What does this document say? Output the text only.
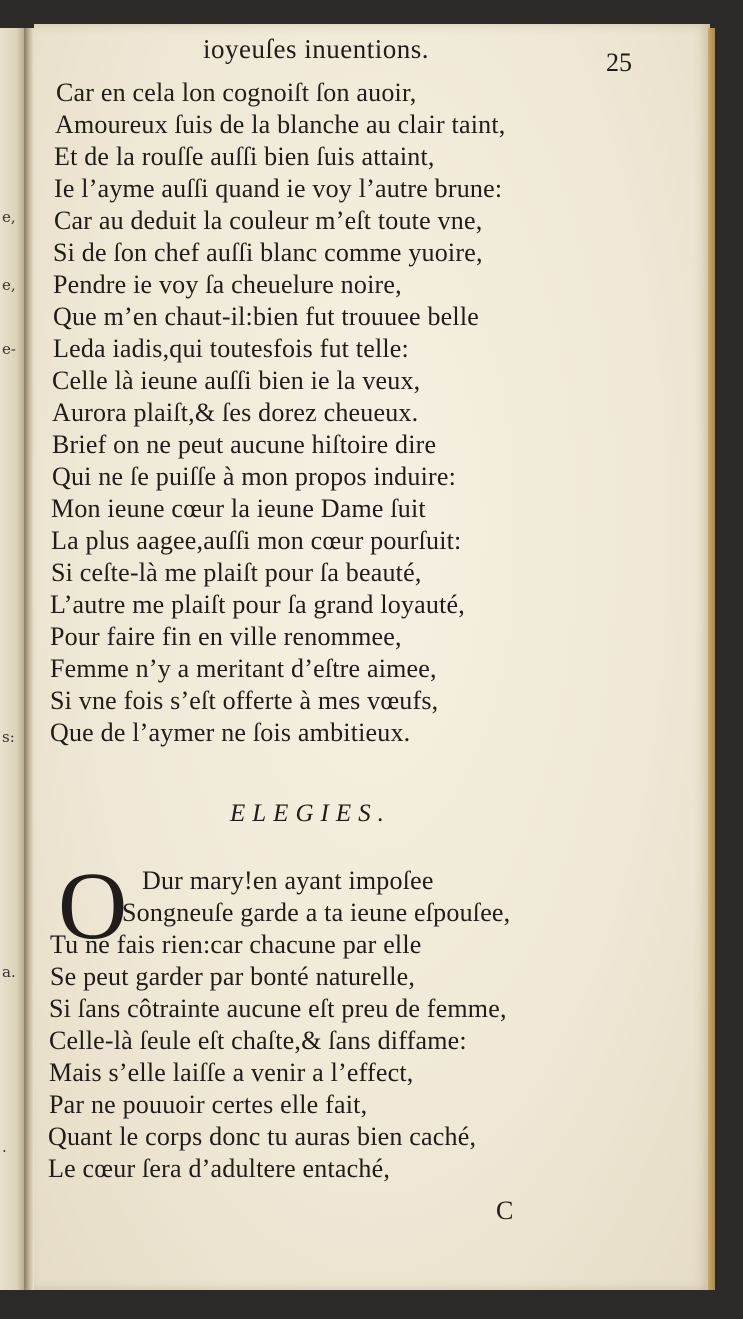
e,
e,
e-
s:
a.
.
ioyeuſes inuentions.	25
Car en cela lon cognoiſt ſon auoir,
Amoureux ſuis de la blanche au clair taint,
Et de la rouſſe auſſi bien ſuis attaint,
Ie l’ayme auſſi quand ie voy l’autre brune:
Car au deduit la couleur m’eſt toute vne,
Si de ſon chef auſſi blanc comme yuoire,
Pendre ie voy ſa cheuelure noire,
Que m’en chaut-il:bien fut trouuee belle
Leda iadis,qui toutesfois fut telle:
Celle là ieune auſſi bien ie la veux,
Aurora plaiſt,& ſes dorez cheueux.
Brief on ne peut aucune hiſtoire dire
Qui ne ſe puiſſe à mon propos induire:
Mon ieune cœur la ieune Dame ſuit
La plus aagee,auſſi mon cœur pourſuit:
Si ceſte-là me plaiſt pour ſa beauté,
L’autre me plaiſt pour ſa grand loyauté,
Pour faire fin en ville renommee,
Femme n’y a meritant d’eſtre aimee,
Si vne fois s’eſt offerte à mes vœufs,
Que de l’aymer ne ſois ambitieux.
ELEGIES.
O Dur mary!en ayant impoſee
Songneuſe garde a ta ieune eſpouſee,
Tu ne fais rien:car chacune par elle
Se peut garder par bonté naturelle,
Si ſans côtrainte aucune eſt preu de femme,
Celle-là ſeule eſt chaſte,& ſans diffame:
Mais s’elle laiſſe a venir a l’effect,
Par ne pouuoir certes elle fait,
Quant le corps donc tu auras bien caché,
Le cœur ſera d’adultere entaché,
C
